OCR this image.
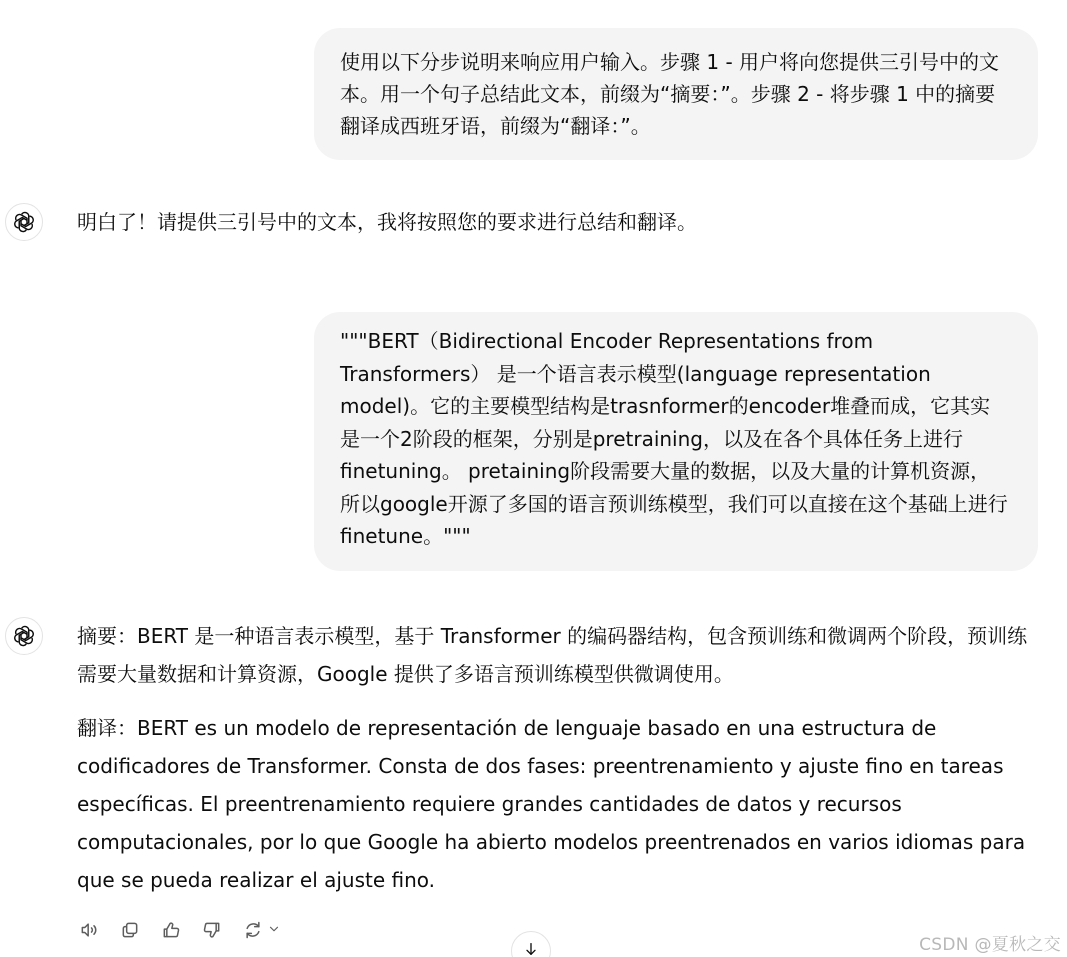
使用以下分步说明来响应用户输入。步骤 1 - 用户将向您提供三引号中的文本。用一个句子总结此文本，前缀为“摘要：”。步骤 2 - 将步骤 1 中的摘要翻译成西班牙语，前缀为“翻译：”。

明白了！请提供三引号中的文本，我将按照您的要求进行总结和翻译。

"""BERT（Bidirectional Encoder Representations from Transformers） 是一个语言表示模型(language representation model)。它的主要模型结构是trasnformer的encoder堆叠而成，它其实是一个2阶段的框架，分别是pretraining，以及在各个具体任务上进行finetuning。 pretaining阶段需要大量的数据，以及大量的计算机资源，所以google开源了多国的语言预训练模型，我们可以直接在这个基础上进行finetune。"""

摘要：BERT 是一种语言表示模型，基于 Transformer 的编码器结构，包含预训练和微调两个阶段，预训练需要大量数据和计算资源，Google 提供了多语言预训练模型供微调使用。

翻译：BERT es un modelo de representación de lenguaje basado en una estructura de codificadores de Transformer. Consta de dos fases: preentrenamiento y ajuste fino en tareas específicas. El preentrenamiento requiere grandes cantidades de datos y recursos computacionales, por lo que Google ha abierto modelos preentrenados en varios idiomas para que se pueda realizar el ajuste fino.

CSDN @夏秋之交
